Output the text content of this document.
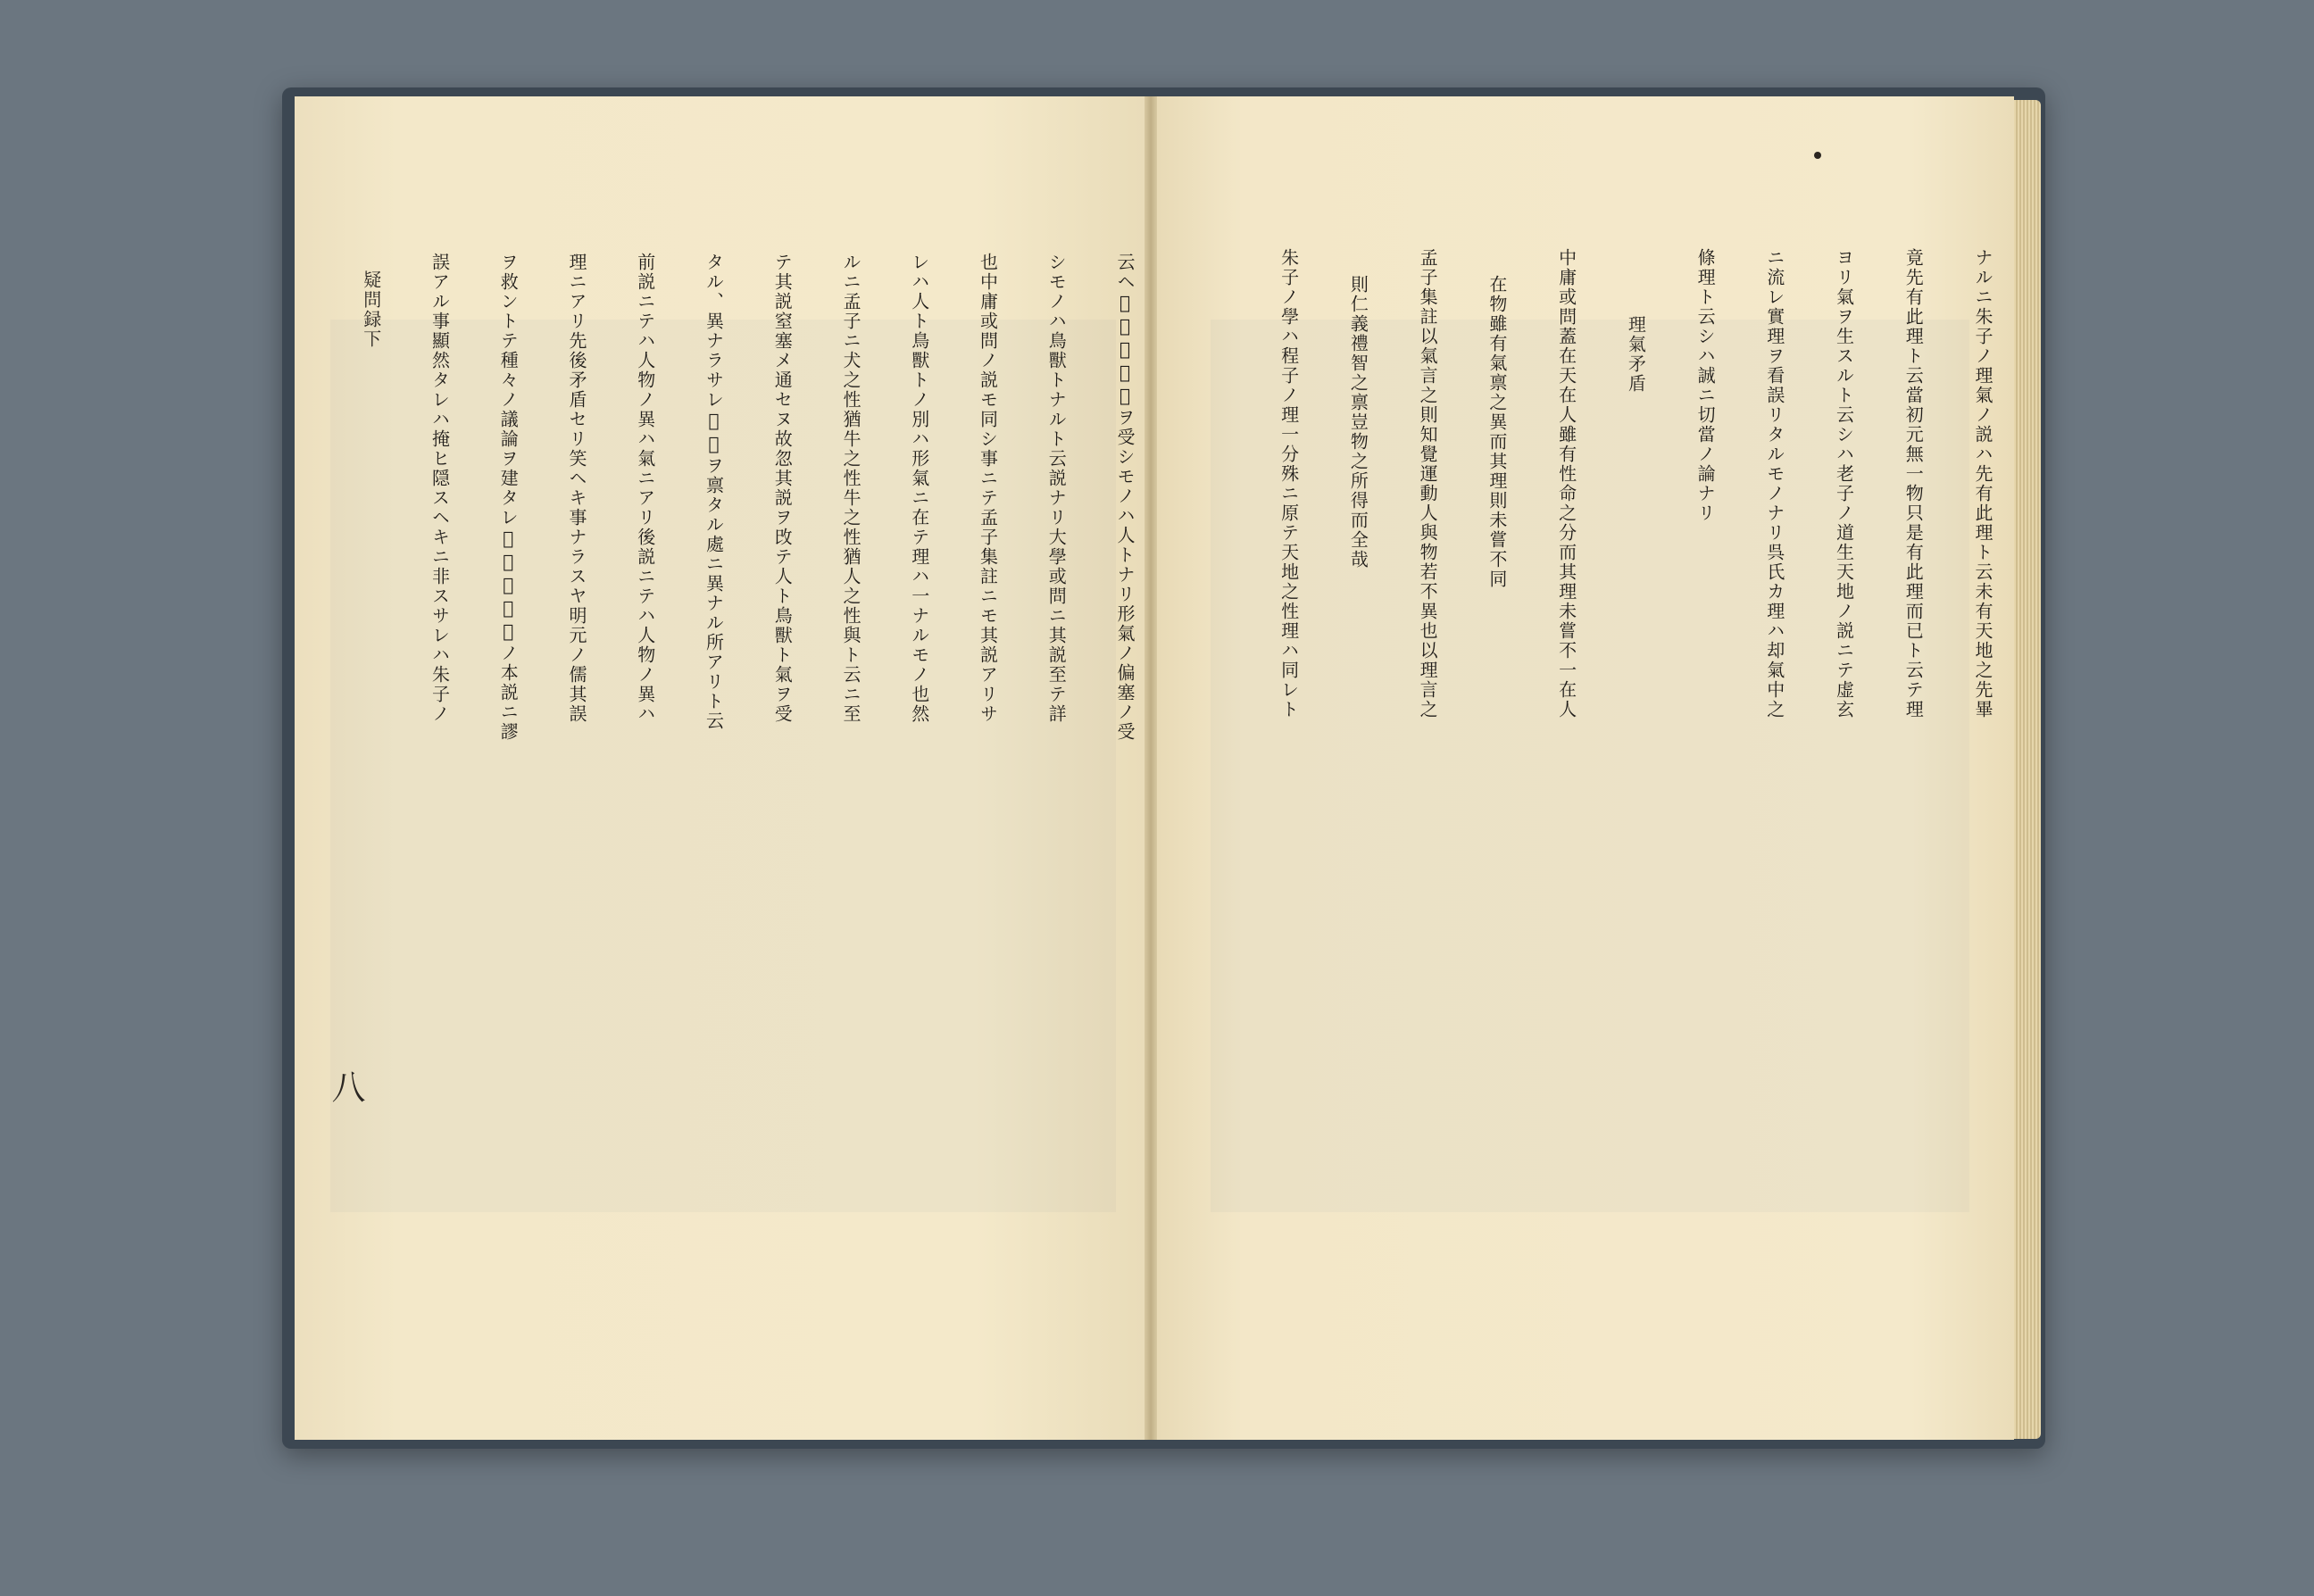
云ヘ𪜈形氣正通ヲ受シモノハ人トナリ形氣ノ偏塞ノ受
シモノハ鳥獸トナルト云説ナリ大學或問ニ其説至テ詳
也中庸或問ノ説モ同シ事ニテ孟子集註ニモ其説アリサ
レハ人ト鳥獸トノ別ハ形氣ニ在テ理ハ一ナルモノ也然
ルニ孟子ニ犬之性猶牛之性牛之性猶人之性與ト云ニ至
テ其説窒塞メ通セヌ故忽其説ヲ攺テ人ト鳥獸ト氣ヲ受
タル、異ナラサレ𪜈理ヲ禀タル處ニ異ナル所アリト云
前説ニテハ人物ノ異ハ氣ニアリ後説ニテハ人物ノ異ハ
理ニアリ先後矛盾セリ笑ヘキ事ナラスヤ明元ノ儒其誤
ヲ救ントテ種々ノ議論ヲ建タレ𪜈畢竟朱子ノ本説ニ謬
誤アル事顯然タレハ掩ヒ隠スヘキニ非スサレハ朱子ノ
疑問録下
八
ナルニ朱子ノ理氣ノ説ハ先有此理ト云未有天地之先畢
竟先有此理ト云當初元無一物只是有此理而已ト云テ理
ヨリ氣ヲ生スルト云シハ老子ノ道生天地ノ説ニテ虚玄
ニ流レ實理ヲ看誤リタルモノナリ呉氏カ理ハ却氣中之
條理ト云シハ誠ニ切當ノ論ナリ
理氣矛盾
中庸或問蓋在天在人雖有性命之分而其理未嘗不一在人
在物雖有氣禀之異而其理則未嘗不同
孟子集註以氣言之則知覺運動人與物若不異也以理言之
則仁義禮智之禀豈物之所得而全哉
朱子ノ學ハ程子ノ理一分殊ニ原テ天地之性理ハ同レト
